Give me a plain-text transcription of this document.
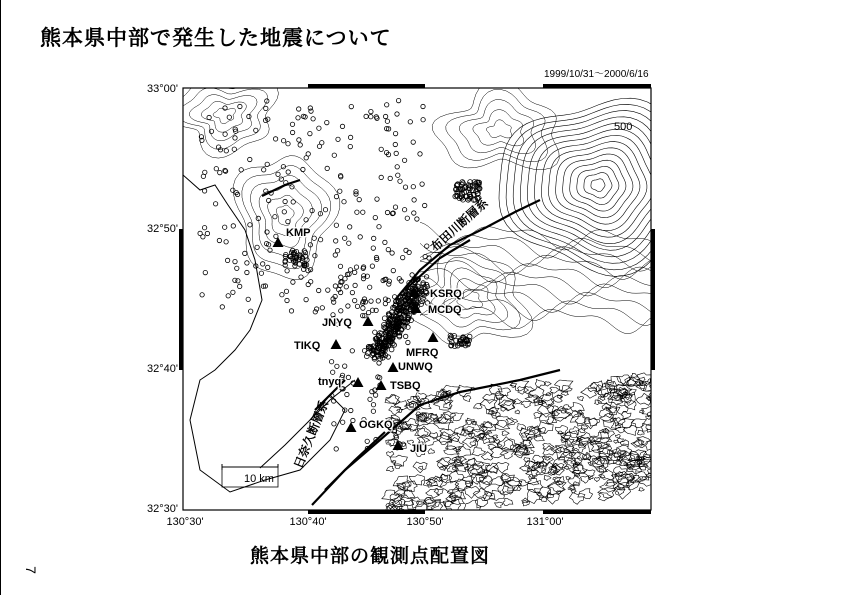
熊本県中部で発生した地震について
1999/10/31～2000/6/16
KMP
KSRQ
MCDQ
JNYQ
TIKQ
MFRQ
UNWQ
tnyq	TSBQ
OGKQ
JIU
33°00'
32°50'
32°40'
32°30'
130°30'	130°40'	130°50'	131°00'
10 km
500
布田川断層系
日奈久断層系
熊本県中部の観測点配置図
7
